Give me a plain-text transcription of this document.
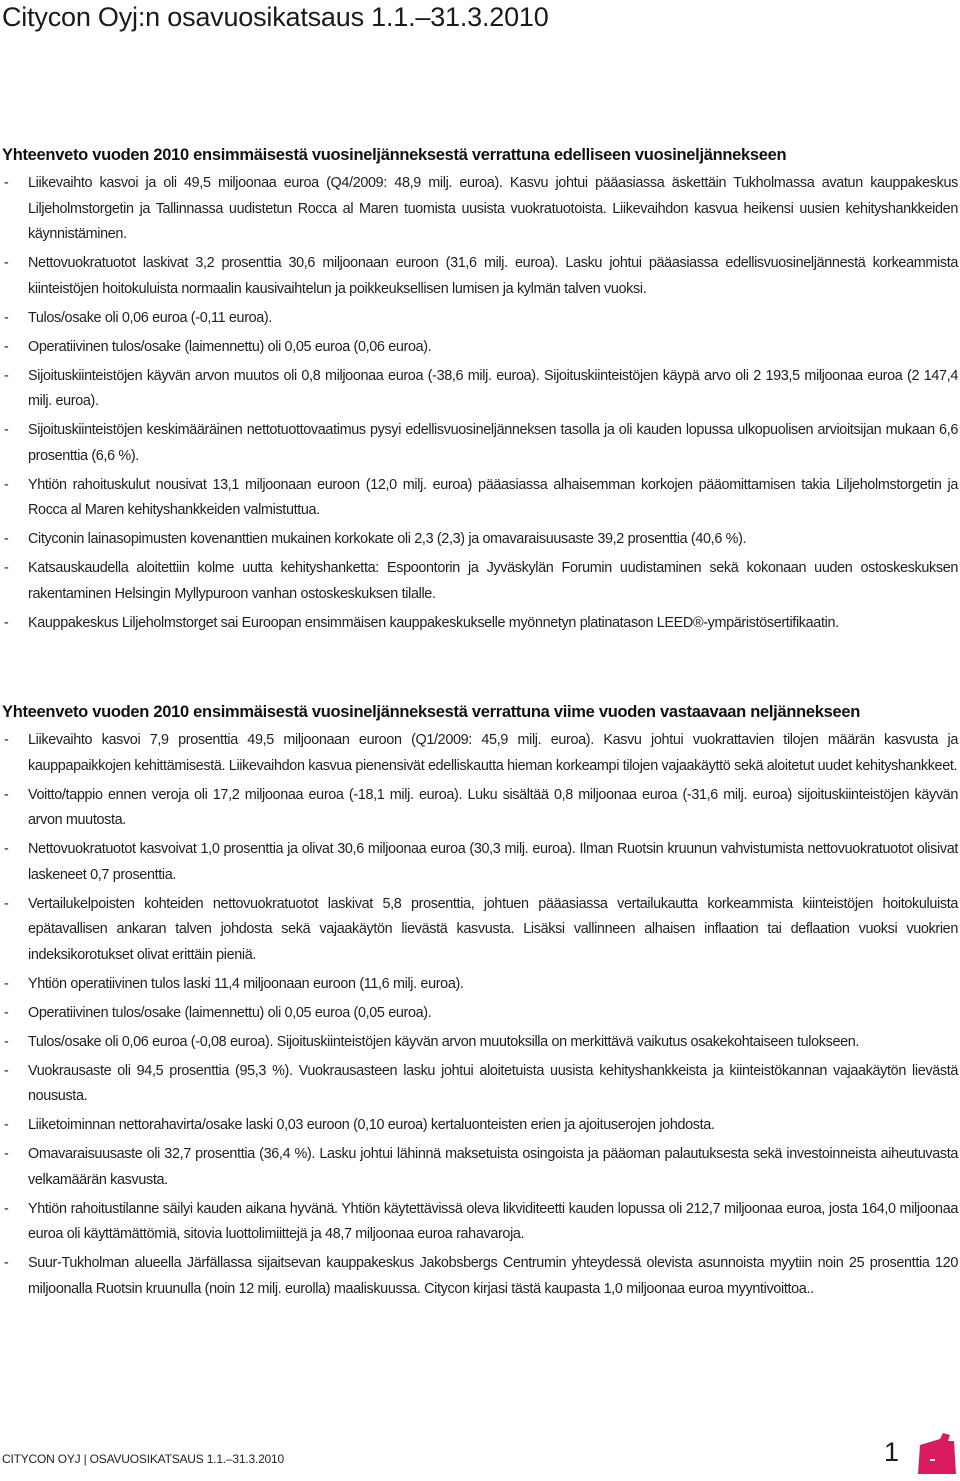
Citycon Oyj:n osavuosikatsaus 1.1.–31.3.2010
Yhteenveto vuoden 2010 ensimmäisestä vuosineljänneksestä verrattuna edelliseen vuosineljännekseen
- Liikevaihto kasvoi ja oli 49,5 miljoonaa euroa (Q4/2009: 48,9 milj. euroa). Kasvu johtui pääasiassa äskettäin Tukholmassa avatun kauppakeskus Liljeholmstorgetin ja Tallinnassa uudistetun Rocca al Maren tuomista uusista vuokratuotoista. Liikevaihdon kasvua heikensi uusien kehityshankkeiden käynnistäminen.
- Nettovuokratuotot laskivat 3,2 prosenttia 30,6 miljoonaan euroon (31,6 milj. euroa). Lasku johtui pääasiassa edellisvuosineljännestä korkeammista kiinteistöjen hoitokuluista normaalin kausivaihtelun ja poikkeuksellisen lumisen ja kylmän talven vuoksi.
- Tulos/osake oli 0,06 euroa (-0,11 euroa).
- Operatiivinen tulos/osake (laimennettu) oli 0,05 euroa (0,06 euroa).
- Sijoituskiinteistöjen käyvän arvon muutos oli 0,8 miljoonaa euroa (-38,6 milj. euroa). Sijoituskiinteistöjen käypä arvo oli 2 193,5 miljoonaa euroa (2 147,4 milj. euroa).
- Sijoituskiinteistöjen keskimääräinen nettotuottovaatimus pysyi edellisvuosineljänneksen tasolla ja oli kauden lopussa ulkopuolisen arvioitsijan mukaan 6,6 prosenttia (6,6 %).
- Yhtiön rahoituskulut nousivat 13,1 miljoonaan euroon (12,0 milj. euroa) pääasiassa alhaisemman korkojen pääomittamisen takia Liljeholmstorgetin ja Rocca al Maren kehityshankkeiden valmistuttua.
- Cityconin lainasopimusten kovenanttien mukainen korkokate oli 2,3 (2,3) ja omavaraisuusaste 39,2 prosenttia (40,6 %).
- Katsauskaudella aloitettiin kolme uutta kehityshanketta: Espoontorin ja Jyväskylän Forumin uudistaminen sekä kokonaan uuden ostoskeskuksen rakentaminen Helsingin Myllypuroon vanhan ostoskeskuksen tilalle.
- Kauppakeskus Liljeholmstorget sai Euroopan ensimmäisen kauppakeskukselle myönnetyn platinatason LEED®-ympäristösertifikaatin.
Yhteenveto vuoden 2010 ensimmäisestä vuosineljänneksestä verrattuna viime vuoden vastaavaan neljännekseen
- Liikevaihto kasvoi 7,9 prosenttia 49,5 miljoonaan euroon (Q1/2009: 45,9 milj. euroa). Kasvu johtui vuokrattavien tilojen määrän kasvusta ja kauppapaikkojen kehittämisestä. Liikevaihdon kasvua pienensivät edelliskautta hieman korkeampi tilojen vajaakäyttö sekä aloitetut uudet kehityshankkeet.
- Voitto/tappio ennen veroja oli 17,2 miljoonaa euroa (-18,1 milj. euroa). Luku sisältää 0,8 miljoonaa euroa (-31,6 milj. euroa) sijoituskiinteistöjen käyvän arvon muutosta.
- Nettovuokratuotot kasvoivat 1,0 prosenttia ja olivat 30,6 miljoonaa euroa (30,3 milj. euroa). Ilman Ruotsin kruunun vahvistumista nettovuokratuotot olisivat laskeneet 0,7 prosenttia.
- Vertailukelpoisten kohteiden nettovuokratuotot laskivat 5,8 prosenttia, johtuen pääasiassa vertailukautta korkeammista kiinteistöjen hoitokuluista epätavallisen ankaran talven johdosta sekä vajaakäytön lievästä kasvusta. Lisäksi vallinneen alhaisen inflaation tai deflaation vuoksi vuokrien indeksikorotukset olivat erittäin pieniä.
- Yhtiön operatiivinen tulos laski 11,4 miljoonaan euroon (11,6 milj. euroa).
- Operatiivinen tulos/osake (laimennettu) oli 0,05 euroa (0,05 euroa).
- Tulos/osake oli 0,06 euroa (-0,08 euroa). Sijoituskiinteistöjen käyvän arvon muutoksilla on merkittävä vaikutus osakekohtaiseen tulokseen.
- Vuokrausaste oli 94,5 prosenttia (95,3 %). Vuokrausasteen lasku johtui aloitetuista uusista kehityshankkeista ja kiinteistökannan vajaakäytön lievästä noususta.
- Liiketoiminnan nettorahavirta/osake laski 0,03 euroon (0,10 euroa) kertaluonteisten erien ja ajoituserojen johdosta.
- Omavaraisuusaste oli 32,7 prosenttia (36,4 %). Lasku johtui lähinnä maksetuista osingoista ja pääoman palautuksesta sekä investoinneista aiheutuvasta velkamäärän kasvusta.
- Yhtiön rahoitustilanne säilyi kauden aikana hyvänä. Yhtiön käytettävissä oleva likviditeetti kauden lopussa oli 212,7 miljoonaa euroa, josta 164,0 miljoonaa euroa oli käyttämättömiä, sitovia luottolimiittejä ja 48,7 miljoonaa euroa rahavaroja.
- Suur-Tukholman alueella Järfällassa sijaitsevan kauppakeskus Jakobsbergs Centrumin yhteydessä olevista asunnoista myytiin noin 25 prosenttia 120 miljoonalla Ruotsin kruunulla (noin 12 milj. eurolla) maaliskuussa. Citycon kirjasi tästä kaupasta 1,0 miljoonaa euroa myyntivoittoa..
CITYCON OYJ | OSAVUOSIKATSAUS 1.1.–31.3.2010	1
